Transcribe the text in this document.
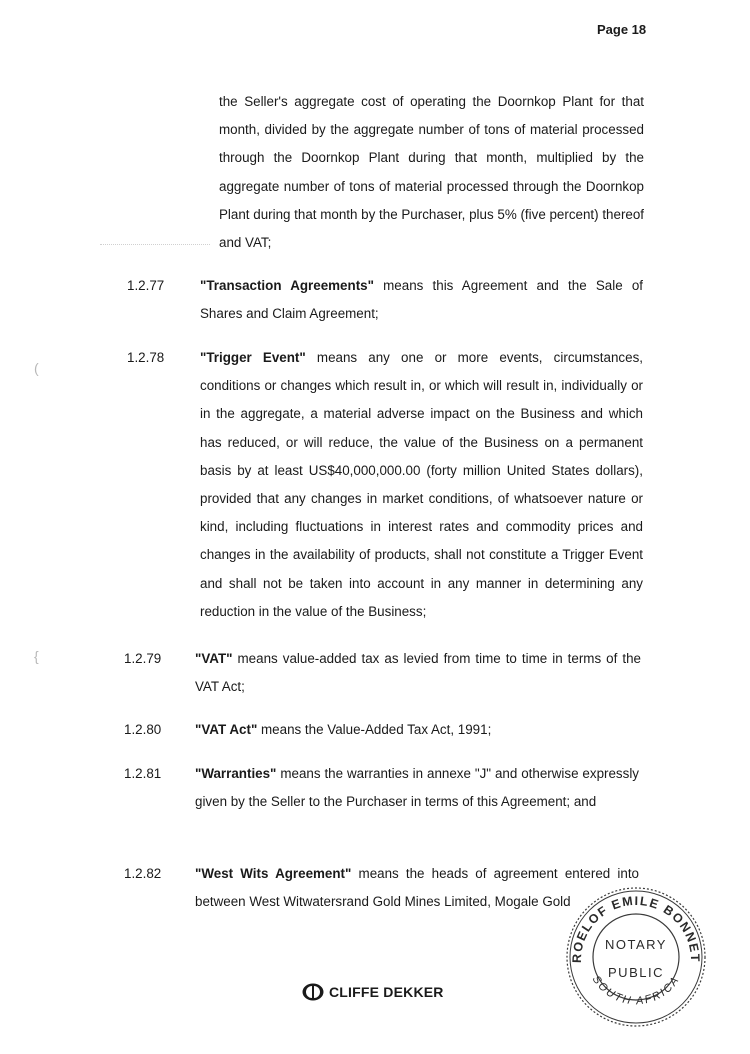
Page 18
(
{

the Seller's aggregate cost of operating the Doornkop Plant for that month, divided by the aggregate number of tons of material processed through the Doornkop Plant during that month, multiplied by the aggregate number of tons of material processed through the Doornkop Plant during that month by the Purchaser, plus 5% (five percent) thereof and VAT;

1.2.77	"Transaction Agreements" means this Agreement and the Sale of Shares and Claim Agreement;

1.2.78	"Trigger Event" means any one or more events, circumstances, conditions or changes which result in, or which will result in, individually or in the aggregate, a material adverse impact on the Business and which has reduced, or will reduce, the value of the Business on a permanent basis by at least US$40,000,000.00 (forty million United States dollars), provided that any changes in market conditions, of whatsoever nature or kind, including fluctuations in interest rates and commodity prices and changes in the availability of products, shall not constitute a Trigger Event and shall not be taken into account in any manner in determining any reduction in the value of the Business;

1.2.79	"VAT" means value-added tax as levied from time to time in terms of the VAT Act;

1.2.80	"VAT Act" means the Value-Added Tax Act, 1991;

1.2.81	"Warranties" means the warranties in annexe "J" and otherwise expressly given by the Seller to the Purchaser in terms of this Agreement; and

1.2.82	"West Wits Agreement" means the heads of agreement entered into between West Witwatersrand Gold Mines Limited, Mogale Gold

CLIFFE DEKKER
ROELOF EMILE BONNET
SOUTH AFRICA
NOTARY
PUBLIC
